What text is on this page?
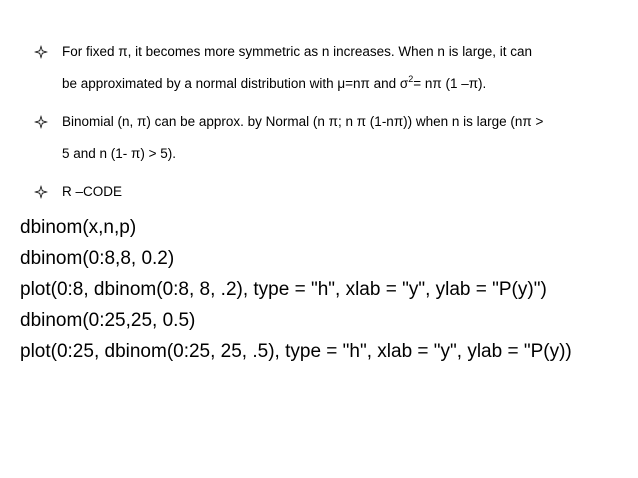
For fixed π, it becomes more symmetric as n increases. When n is large, it can
be approximated by a normal distribution with μ=nπ and $\sigma^2= n\pi$ (1 –π).
Binomial (n, π) can be approx. by Normal (n π; n π (1-nπ)) when n is large (nπ >
5 and n (1- π) > 5).
R –CODE
dbinom(x,n,p)
dbinom(0:8,8, 0.2)
plot(0:8, dbinom(0:8, 8, .2), type = "h", xlab = "y", ylab = "P(y)")
dbinom(0:25,25, 0.5)
plot(0:25, dbinom(0:25, 25, .5), type = "h", xlab = "y", ylab = "P(y))
